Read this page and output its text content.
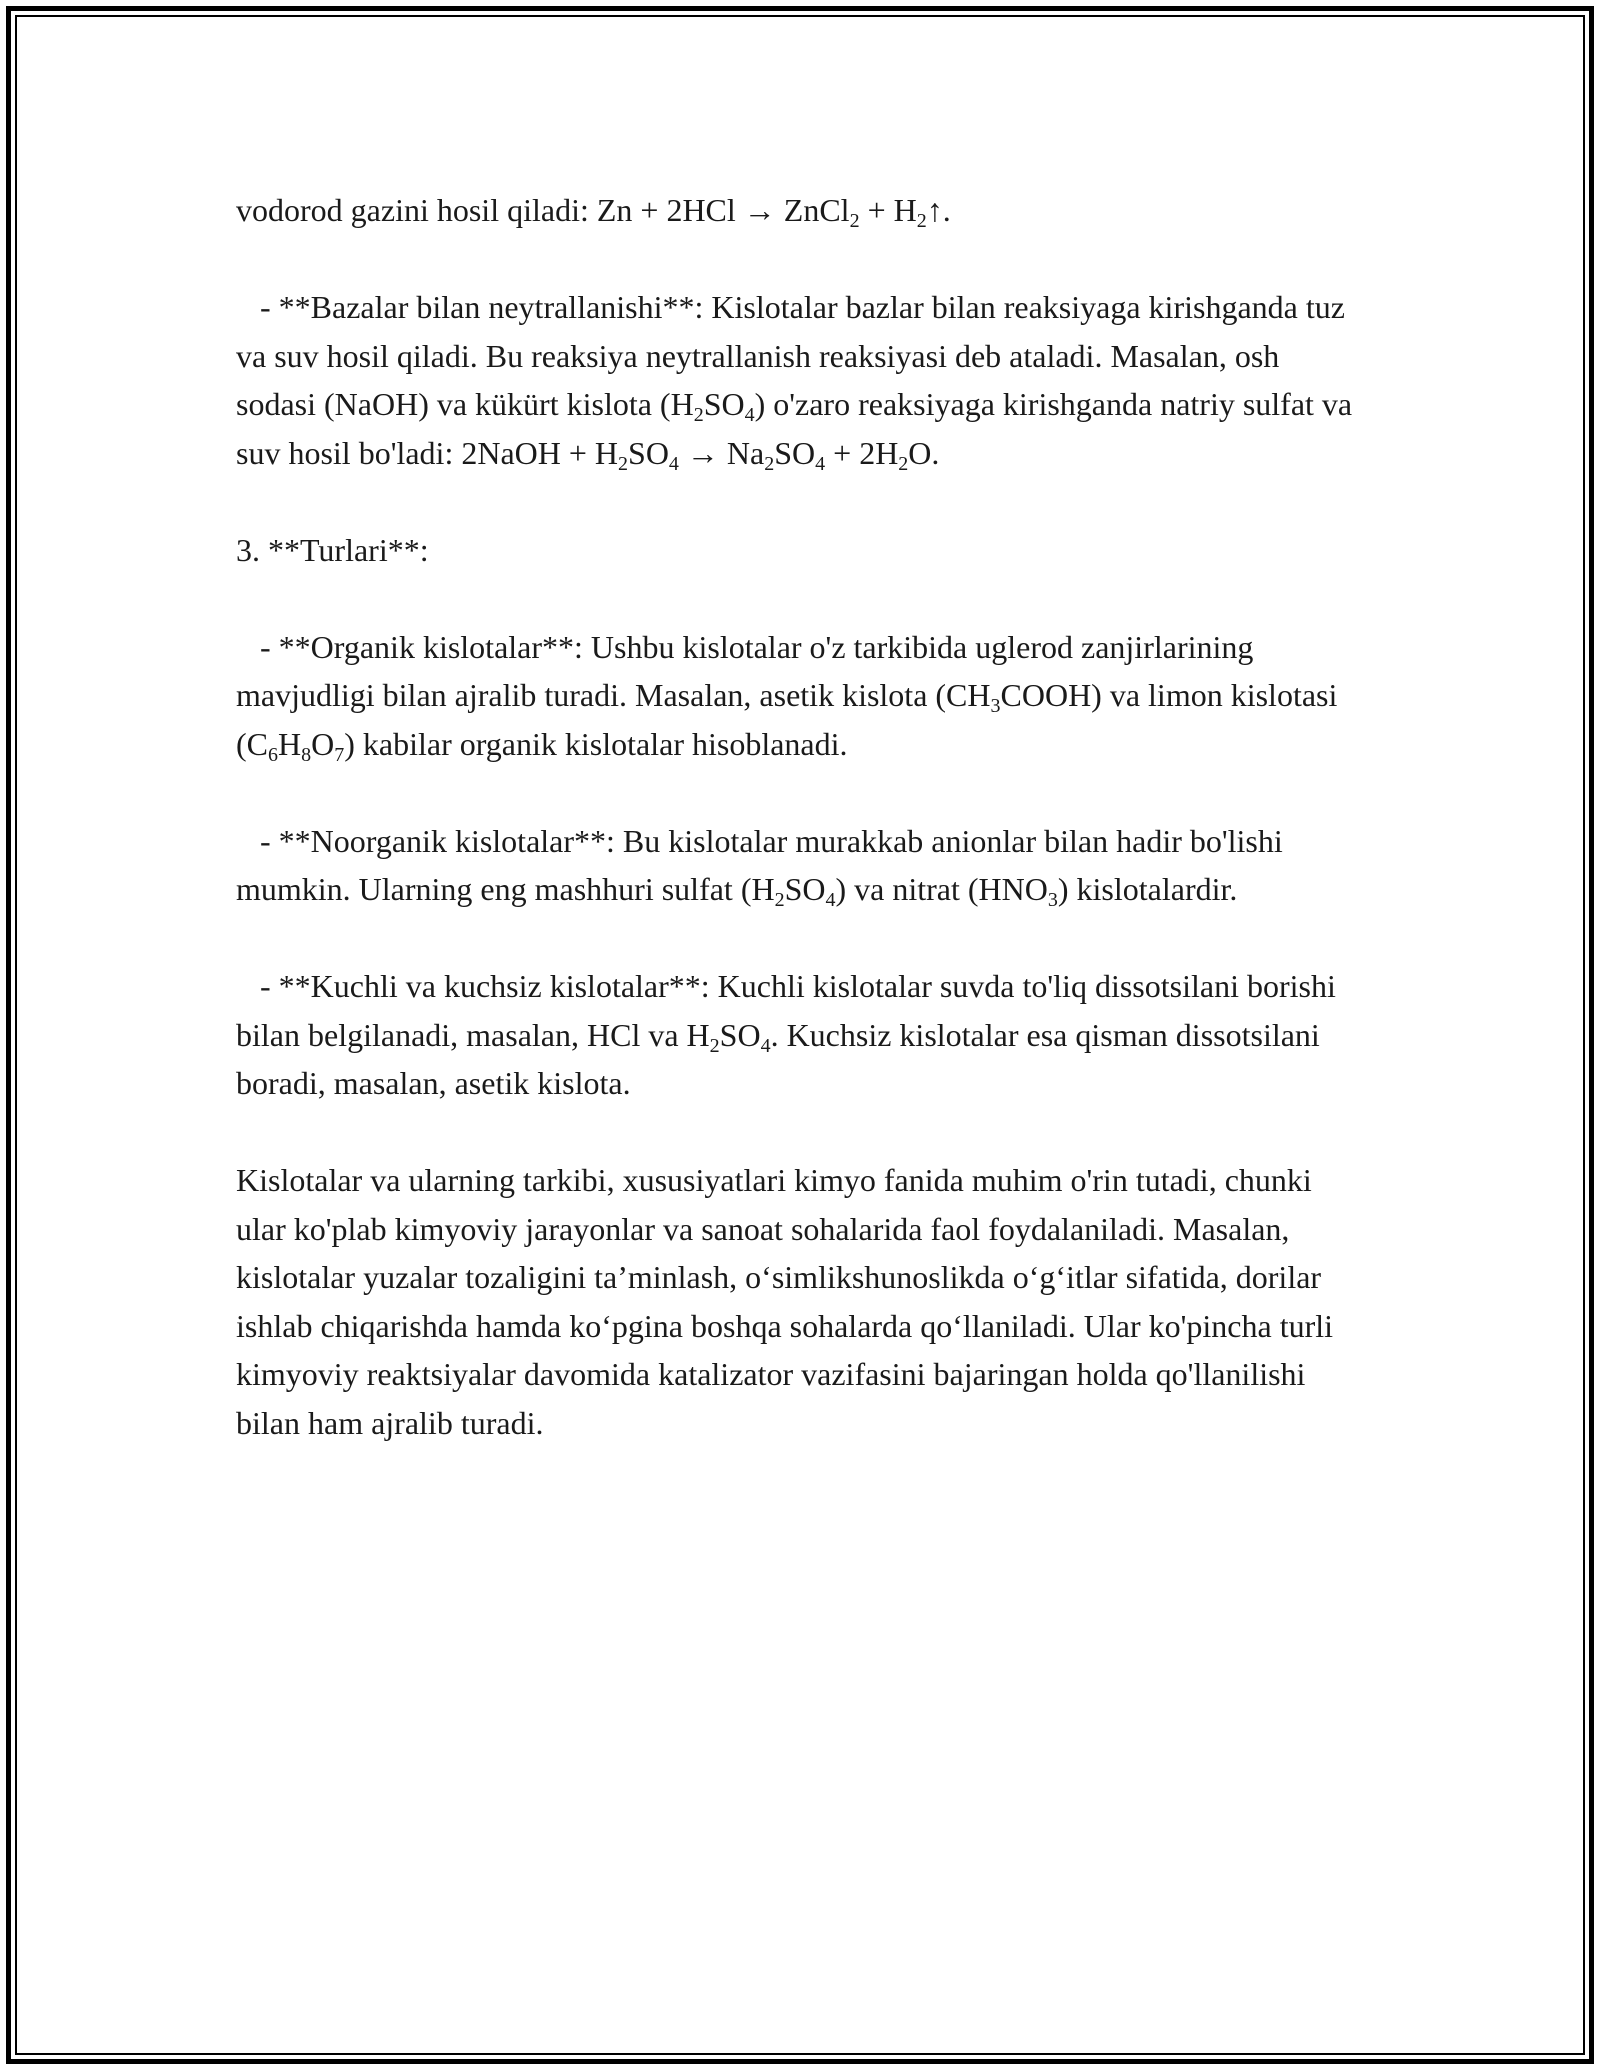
vodorod gazini hosil qiladi: Zn + 2HCl → ZnCl$_2$ + $H_2↑$.

- **Bazalar bilan neytrallanishi**: Kislotalar bazlar bilan reaksiyaga kirishganda tuz va suv hosil qiladi. Bu reaksiya neytrallanish reaksiyasi deb ataladi. Masalan, osh sodasi (NaOH) va kükürt kislota $(H_2SO_4)$ o'zaro reaksiyaga kirishganda natriy sulfat va suv hosil bo'ladi: 2NaOH + $H_2SO_4 \to Na_2SO_4 + 2H_2O$.

3. **Turlari**:

- **Organik kislotalar**: Ushbu kislotalar o'z tarkibida uglerod zanjirlarining mavjudligi bilan ajralib turadi. Masalan, asetik kislota $(CH_3COOH)$ va limon kislotasi $(C_6H_8O_7)$ kabilar organik kislotalar hisoblanadi.

- **Noorganik kislotalar**: Bu kislotalar murakkab anionlar bilan hadir bo'lishi mumkin. Ularning eng mashhuri sulfat $(H_2SO_4)$ va nitrat $(HNO_3)$ kislotalardir.

- **Kuchli va kuchsiz kislotalar**: Kuchli kislotalar suvda to'liq dissotsilani borishi bilan belgilanadi, masalan, HCl va $H_2SO_4$. Kuchsiz kislotalar esa qisman dissotsilani boradi, masalan, asetik kislota.

Kislotalar va ularning tarkibi, xususiyatlari kimyo fanida muhim o'rin tutadi, chunki ular ko'plab kimyoviy jarayonlar va sanoat sohalarida faol foydalaniladi. Masalan, kislotalar yuzalar tozaligini ta’minlash, o‘simlikshunoslikda o‘g‘itlar sifatida, dorilar ishlab chiqarishda hamda ko‘pgina boshqa sohalarda qo‘llaniladi. Ular ko'pincha turli kimyoviy reaktsiyalar davomida katalizator vazifasini bajaringan holda qo'llanilishi bilan ham ajralib turadi.
